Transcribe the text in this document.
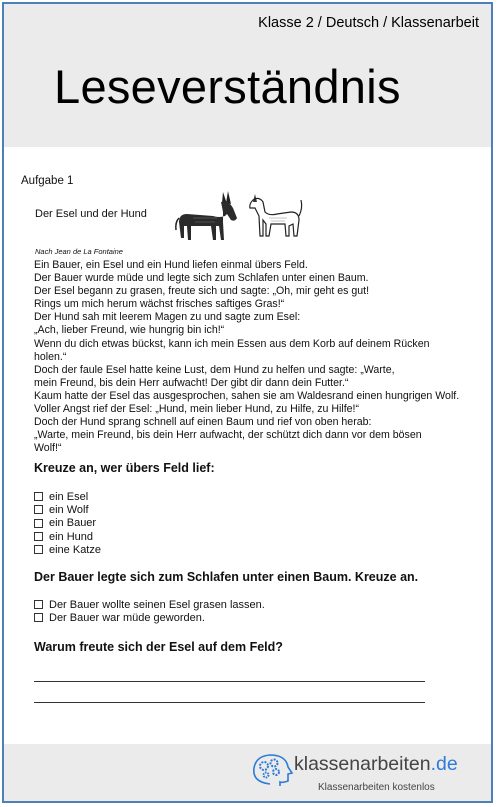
Klasse 2 / Deutsch / Klassenarbeit
Leseverständnis
Aufgabe 1
Der Esel und der Hund
Nach Jean de La Fontaine
Ein Bauer, ein Esel und ein Hund liefen einmal übers Feld.
Der Bauer wurde müde und legte sich zum Schlafen unter einen Baum.
Der Esel begann zu grasen, freute sich und sagte: „Oh, mir geht es gut!
Rings um mich herum wächst frisches saftiges Gras!“
Der Hund sah mit leerem Magen zu und sagte zum Esel:
„Ach, lieber Freund, wie hungrig bin ich!“
Wenn du dich etwas bückst, kann ich mein Essen aus dem Korb auf deinem Rücken
holen.“
Doch der faule Esel hatte keine Lust, dem Hund zu helfen und sagte: „Warte,
mein Freund, bis dein Herr aufwacht! Der gibt dir dann dein Futter.“
Kaum hatte der Esel das ausgesprochen, sahen sie am Waldesrand einen hungrigen Wolf.
Voller Angst rief der Esel: „Hund, mein lieber Hund, zu Hilfe, zu Hilfe!“
Doch der Hund sprang schnell auf einen Baum und rief von oben herab:
„Warte, mein Freund, bis dein Herr aufwacht, der schützt dich dann vor dem bösen
Wolf!“
Kreuze an, wer übers Feld lief:
ein Esel
ein Wolf
ein Bauer
ein Hund
eine Katze
Der Bauer legte sich zum Schlafen unter einen Baum. Kreuze an.
Der Bauer wollte seinen Esel grasen lassen.
Der Bauer war müde geworden.
Warum freute sich der Esel auf dem Feld?
klassenarbeiten.de
Klassenarbeiten kostenlos
